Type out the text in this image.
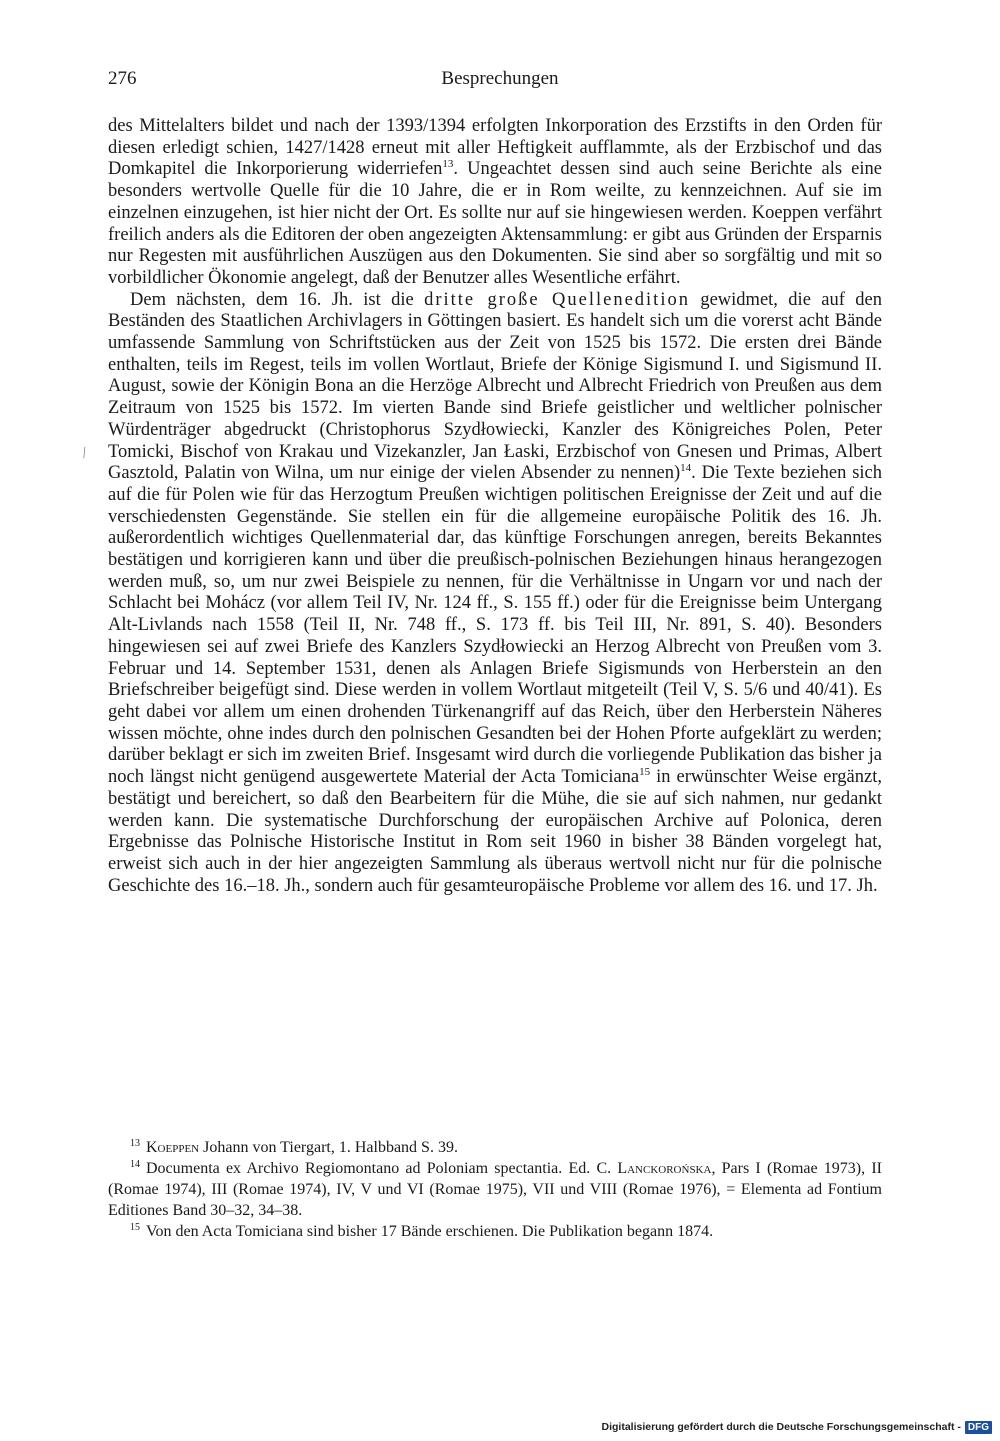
276	Besprechungen
⁄

des Mittelalters bildet und nach der 1393/1394 erfolgten Inkorporation des Erzstifts in den Orden für diesen erledigt schien, 1427/1428 erneut mit aller Heftigkeit aufflammte, als der Erzbischof und das Domkapitel die Inkorporierung widerriefen$^{13}$. Ungeachtet dessen sind auch seine Berichte als eine besonders wertvolle Quelle für die 10 Jahre, die er in Rom weilte, zu kennzeichnen. Auf sie im einzelnen einzugehen, ist hier nicht der Ort. Es sollte nur auf sie hingewiesen werden. Koeppen verfährt freilich anders als die Editoren der oben angezeigten Aktensammlung: er gibt aus Gründen der Ersparnis nur Regesten mit ausführlichen Auszügen aus den Dokumenten. Sie sind aber so sorgfältig und mit so vorbildlicher Ökonomie angelegt, daß der Benutzer alles Wesentliche erfährt.

Dem nächsten, dem 16. Jh. ist die dritte große Quellenedition gewidmet, die auf den Beständen des Staatlichen Archivlagers in Göttingen basiert. Es handelt sich um die vorerst acht Bände umfassende Sammlung von Schriftstücken aus der Zeit von 1525 bis 1572. Die ersten drei Bände enthalten, teils im Regest, teils im vollen Wortlaut, Briefe der Könige Sigismund I. und Sigismund II. August, sowie der Königin Bona an die Herzöge Albrecht und Albrecht Friedrich von Preußen aus dem Zeitraum von 1525 bis 1572. Im vierten Bande sind Briefe geistlicher und weltlicher polnischer Würdenträger abgedruckt (Christophorus Szydłowiecki, Kanzler des Königreiches Polen, Peter Tomicki, Bischof von Krakau und Vizekanzler, Jan Łaski, Erzbischof von Gnesen und Primas, Albert Gasztold, Palatin von Wilna, um nur einige der vielen Absender zu nennen)$^{14}$. Die Texte beziehen sich auf die für Polen wie für das Herzogtum Preußen wichtigen politischen Ereignisse der Zeit und auf die verschiedensten Gegenstände. Sie stellen ein für die allgemeine europäische Politik des 16. Jh. außerordentlich wichtiges Quellenmaterial dar, das künftige Forschungen anregen, bereits Bekanntes bestätigen und korrigieren kann und über die preußisch-polnischen Beziehungen hinaus herangezogen werden muß, so, um nur zwei Beispiele zu nennen, für die Verhältnisse in Ungarn vor und nach der Schlacht bei Mohácz (vor allem Teil IV, Nr. 124 ff., S. 155 ff.) oder für die Ereignisse beim Untergang Alt-Livlands nach 1558 (Teil II, Nr. 748 ff., S. 173 ff. bis Teil III, Nr. 891, S. 40). Besonders hingewiesen sei auf zwei Briefe des Kanzlers Szydłowiecki an Herzog Albrecht von Preußen vom 3. Februar und 14. September 1531, denen als Anlagen Briefe Sigismunds von Herberstein an den Briefschreiber beigefügt sind. Diese werden in vollem Wortlaut mitgeteilt (Teil V, S. 5/6 und 40/41). Es geht dabei vor allem um einen drohenden Türkenangriff auf das Reich, über den Herberstein Näheres wissen möchte, ohne indes durch den polnischen Gesandten bei der Hohen Pforte aufgeklärt zu werden; darüber beklagt er sich im zweiten Brief. Insgesamt wird durch die vorliegende Publikation das bisher ja noch längst nicht genügend ausgewertete Material der Acta Tomiciana$^{15}$ in erwünschter Weise ergänzt, bestätigt und bereichert, so daß den Bearbeitern für die Mühe, die sie auf sich nahmen, nur gedankt werden kann. Die systematische Durchforschung der europäischen Archive auf Polonica, deren Ergebnisse das Polnische Historische Institut in Rom seit 1960 in bisher 38 Bänden vorgelegt hat, erweist sich auch in der hier angezeigten Sammlung als überaus wertvoll nicht nur für die polnische Geschichte des 16.–18. Jh., sondern auch für gesamteuropäische Probleme vor allem des 16. und 17. Jh.

$^{13}$ Koeppen Johann von Tiergart, 1. Halbband S. 39.

$^{14}$ Documenta ex Archivo Regiomontano ad Poloniam spectantia. Ed. C. Lanckorońska, Pars I (Romae 1973), II (Romae 1974), III (Romae 1974), IV, V und VI (Romae 1975), VII und VIII (Romae 1976), = Elementa ad Fontium Editiones Band 30–32, 34–38.

$^{15}$ Von den Acta Tomiciana sind bisher 17 Bände erschienen. Die Publikation begann 1874.

Digitalisierung gefördert durch die Deutsche Forschungsgemeinschaft - DFG
